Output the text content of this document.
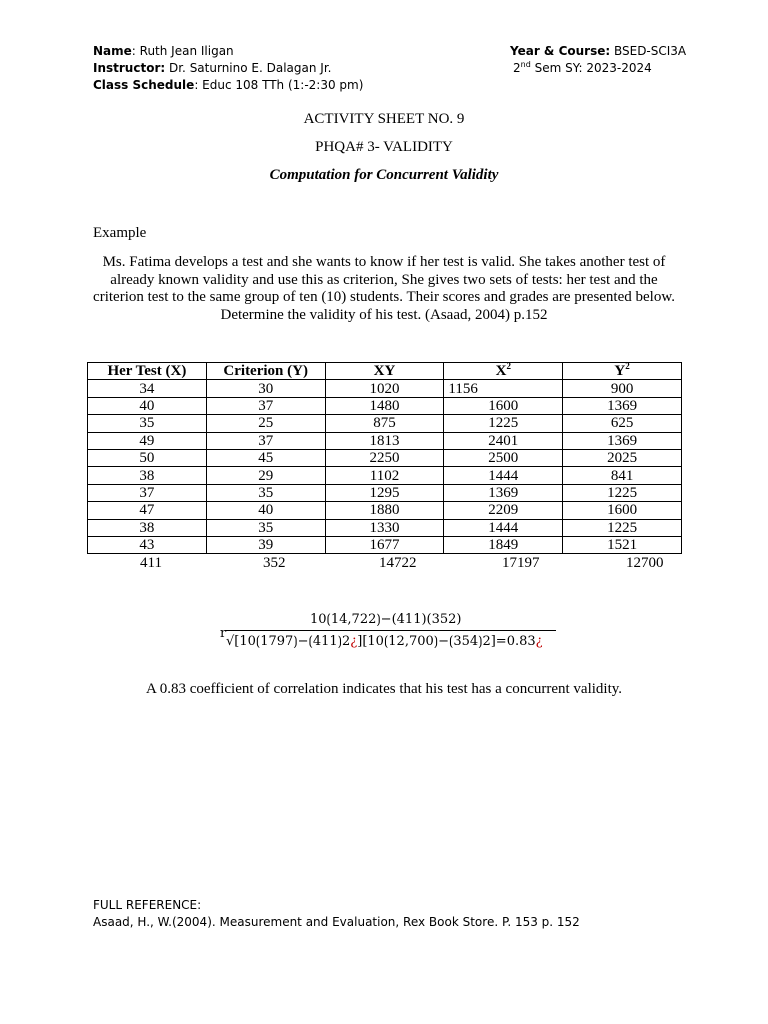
Name: Ruth Jean Iligan
Instructor: Dr. Saturnino E. Dalagan Jr.
Class Schedule: Educ 108 TTh (1:-2:30 pm)
Year & Course: BSED-SCI3A
2nd Sem SY: 2023-2024
ACTIVITY SHEET NO. 9
PHQA# 3- VALIDITY
Computation for Concurrent Validity
Example
Ms. Fatima develops a test and she wants to know if her test is valid. She takes another test of already known validity and use this as criterion, She gives two sets of tests: her test and the criterion test to the same group of ten (10) students. Their scores and grades are presented below. Determine the validity of his test. (Asaad, 2004) p.152
Her Test (X)	Criterion (Y)	XY	$X^2$	$Y^2$
34	30	1020	1156	900
40	37	1480	1600	1369
35	25	875	1225	625
49	37	1813	2401	1369
50	45	2250	2500	2025
38	29	1102	1444	841
37	35	1295	1369	1225
47	40	1880	2209	1600
38	35	1330	1444	1225
43	39	1677	1849	1521
411	352	14722	17197	12700
10⟮14,722⟯−(411)(352)
r
√[10⟮1797⟯−⟮411⟯2¿][10⟮12,700⟯−⟮354⟯2]=0.83¿
A 0.83 coefficient of correlation indicates that his test has a concurrent validity.
FULL REFERENCE:
Asaad, H., W.(2004). Measurement and Evaluation, Rex Book Store. P. 153 p. 152
